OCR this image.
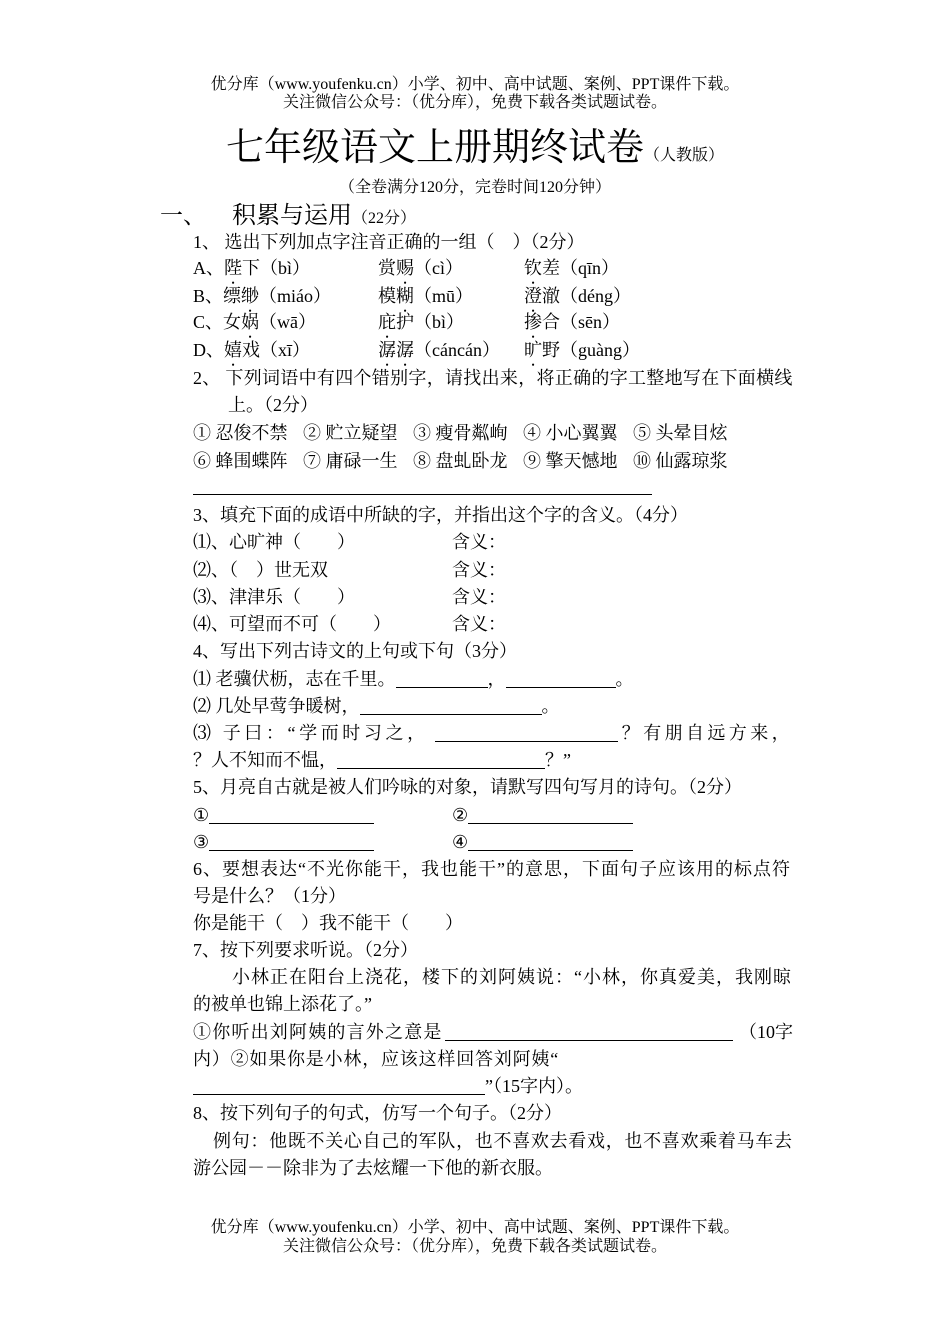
优分库（www.youfenku.cn）小学、初中、高中试题、案例、PPT课件下载。
关注微信公众号：（优分库），免费下载各类试题试卷。
七年级语文上册期终试卷（人教版）
（全卷满分120分，完卷时间120分钟）
一、 积累与运用（22分）
1、 选出下列加点字注音正确的一组（　）（2分）
A、陛下（bì）	赏赐（cì）	钦差（qīn）
B、缥缈（miáo）	模糊（mū）	澄澈（déng）
C、女娲（wā）	庇护（bì）	掺合（sēn）
D、嬉戏（xī）	潺潺（cáncán） 旷野（guàng）
2、 下列词语中有四个错别字，请找出来，将正确的字工整地写在下面横线
上。（2分）
① 忍俊不禁 ② 贮立疑望 ③ 瘦骨粼峋 ④ 小心翼翼 ⑤ 头晕目炫
⑥ 蜂围蝶阵 ⑦ 庸碌一生 ⑧ 盘虬卧龙 ⑨ 擎天憾地 ⑩ 仙露琼浆
3、填充下面的成语中所缺的字，并指出这个字的含义。（4分）
⑴、心旷神（　　）	含义：
⑵、（　）世无双	含义：
⑶、津津乐（　　）	含义：
⑷、可望而不可（　　）	含义：
4、写出下列古诗文的上句或下句（3分）
⑴ 老骥伏枥，志在千里。	，	。
⑵ 几处早莺争暖树，	。
⑶ 子曰：“学而时习之，	？有朋自远方来，
？人不知而不愠，	？”
5、月亮自古就是被人们吟咏的对象，请默写四句写月的诗句。（2分）
①	②
③	④
6、要想表达“不光你能干，我也能干”的意思，下面句子应该用的标点符
号是什么？（1分）
你是能干（　）我不能干（　　）
7、按下列要求听说。（2分）
小林正在阳台上浇花，楼下的刘阿姨说：“小林，你真爱美，我刚晾
的被单也锦上添花了。”
①你听出刘阿姨的言外之意是	（10字
内）②如果你是小林，应该这样回答刘阿姨“
”（15字内）。
8、按下列句子的句式，仿写一个句子。（2分）
例句：他既不关心自己的军队，也不喜欢去看戏，也不喜欢乘着马车去
游公园－－除非为了去炫耀一下他的新衣服。
优分库（www.youfenku.cn）小学、初中、高中试题、案例、PPT课件下载。
关注微信公众号：（优分库），免费下载各类试题试卷。
